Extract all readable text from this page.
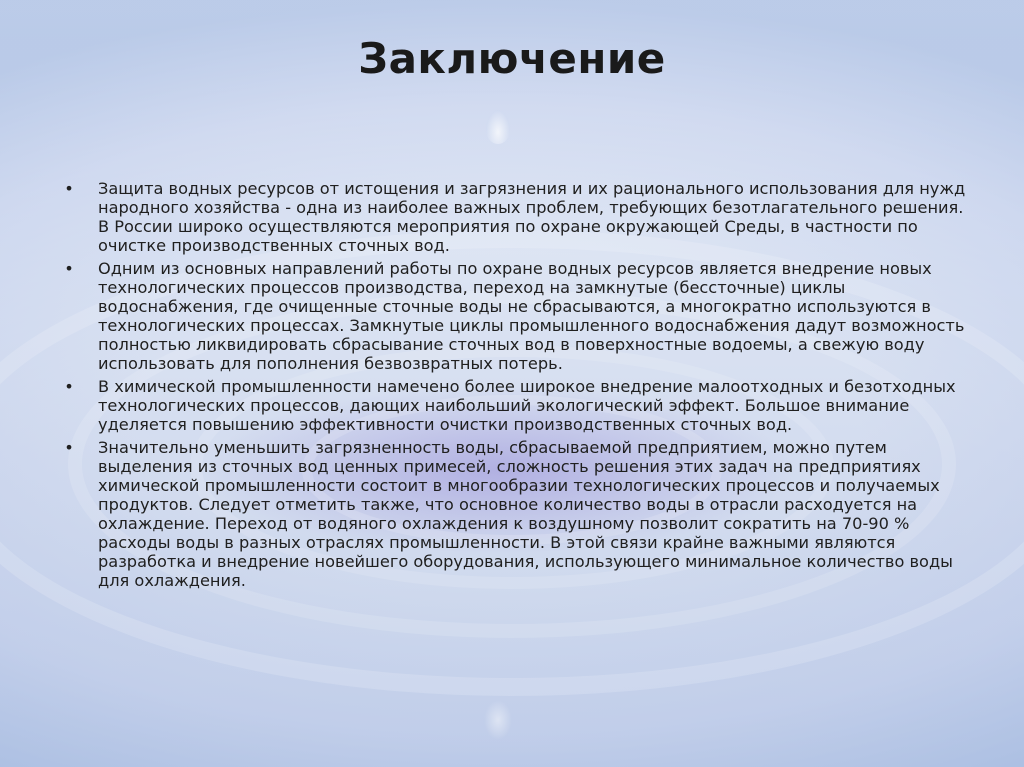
Заключение
• Защита водных ресурсов от истощения и загрязнения и их рационального использования для нужд народного хозяйства - одна из наиболее важных проблем, требующих безотлагательного решения. В России широко осуществляются мероприятия по охране окружающей Среды, в частности по очистке производственных сточных вод.
• Одним из основных направлений работы по охране водных ресурсов является внедрение новых технологических процессов производства, переход на замкнутые (бессточные) циклы водоснабжения, где очищенные сточные воды не сбрасываются, а многократно используются в технологических процессах. Замкнутые циклы промышленного водоснабжения дадут возможность полностью ликвидировать сбрасывание сточных вод в поверхностные водоемы, а свежую воду использовать для пополнения безвозвратных потерь.
• В химической промышленности намечено более широкое внедрение малоотходных и безотходных технологических процессов, дающих наибольший экологический эффект. Большое внимание уделяется повышению эффективности очистки производственных сточных вод.
• Значительно уменьшить загрязненность воды, сбрасываемой предприятием, можно путем выделения из сточных вод ценных примесей, сложность решения этих задач на предприятиях химической промышленности состоит в многообразии технологических процессов и получаемых продуктов. Следует отметить также, что основное количество воды в отрасли расходуется на охлаждение. Переход от водяного охлаждения к воздушному позволит сократить на 70-90 % расходы воды в разных отраслях промышленности. В этой связи крайне важными являются разработка и внедрение новейшего оборудования, использующего минимальное количество воды для охлаждения.
